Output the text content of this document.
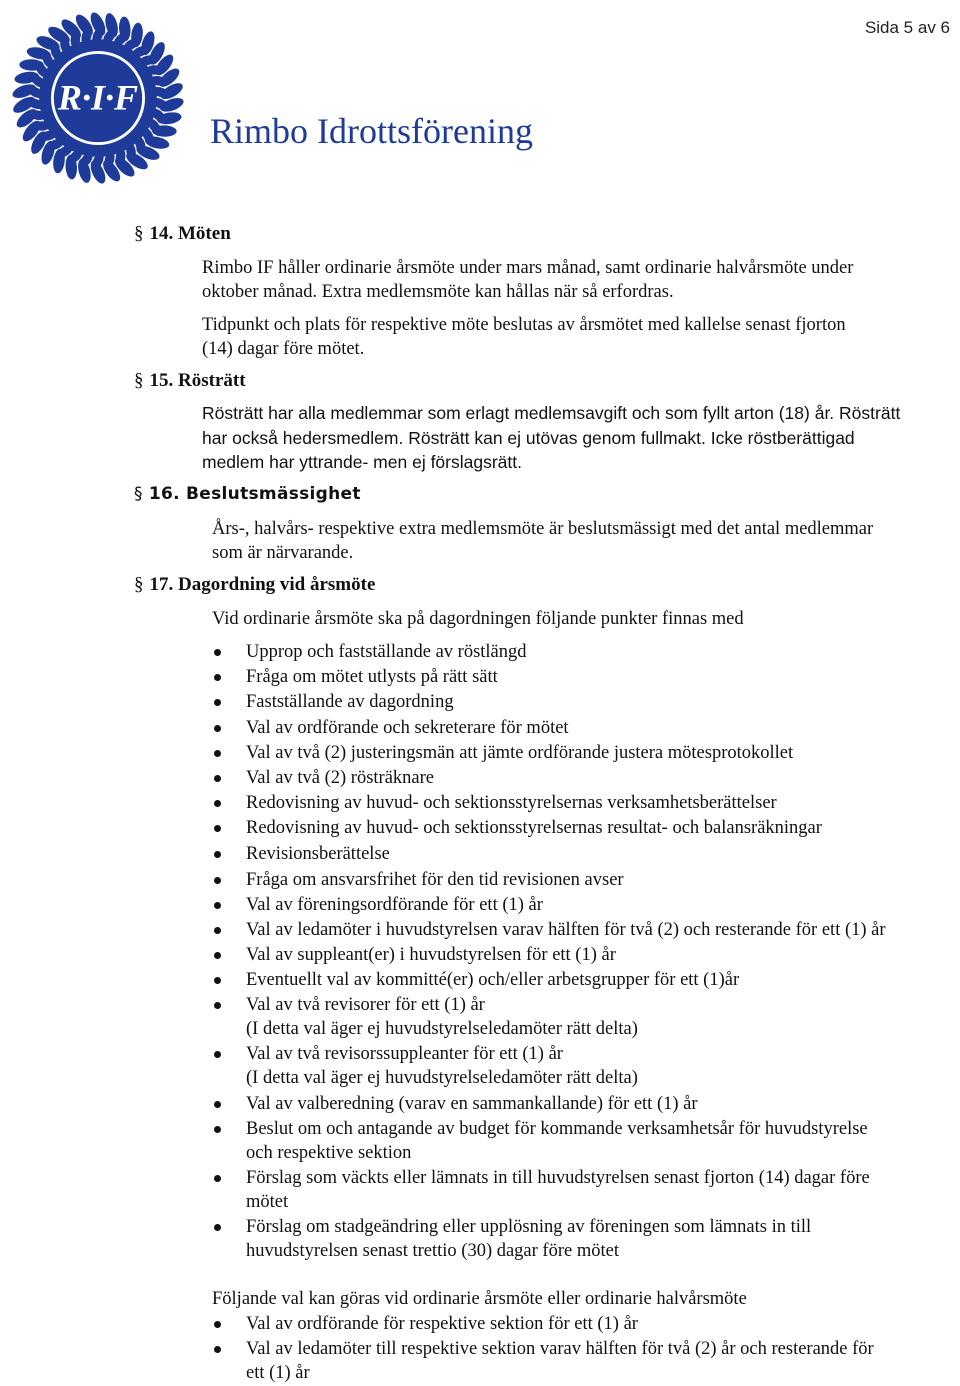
Sida 5 av 6
R·I·F
Rimbo Idrottsförening
§ 14. Möten
Rimbo IF håller ordinarie årsmöte under mars månad, samt ordinarie halvårsmöte under
oktober månad. Extra medlemsmöte kan hållas när så erfordras.
Tidpunkt och plats för respektive möte beslutas av årsmötet med kallelse senast fjorton
(14) dagar före mötet.
§ 15. Rösträtt
Rösträtt har alla medlemmar som erlagt medlemsavgift och som fyllt arton (18) år. Rösträtt
har också hedersmedlem. Rösträtt kan ej utövas genom fullmakt. Icke röstberättigad
medlem har yttrande- men ej förslagsrätt.
§ 16. Beslutsmässighet
Års-, halvårs- respektive extra medlemsmöte är beslutsmässigt med det antal medlemmar
som är närvarande.
§ 17. Dagordning vid årsmöte
Vid ordinarie årsmöte ska på dagordningen följande punkter finnas med
Upprop och fastställande av röstlängd
Fråga om mötet utlysts på rätt sätt
Fastställande av dagordning
Val av ordförande och sekreterare för mötet
Val av två (2) justeringsmän att jämte ordförande justera mötesprotokollet
Val av två (2) rösträknare
Redovisning av huvud- och sektionsstyrelsernas verksamhetsberättelser
Redovisning av huvud- och sektionsstyrelsernas resultat- och balansräkningar
Revisionsberättelse
Fråga om ansvarsfrihet för den tid revisionen avser
Val av föreningsordförande för ett (1) år
Val av ledamöter i huvudstyrelsen varav hälften för två (2) och resterande för ett (1) år
Val av suppleant(er) i huvudstyrelsen för ett (1) år
Eventuellt val av kommitté(er) och/eller arbetsgrupper för ett (1)år
Val av två revisorer för ett (1) år
(I detta val äger ej huvudstyrelseledamöter rätt delta)
Val av två revisorssuppleanter för ett (1) år
(I detta val äger ej huvudstyrelseledamöter rätt delta)
Val av valberedning (varav en sammankallande) för ett (1) år
Beslut om och antagande av budget för kommande verksamhetsår för huvudstyrelse
och respektive sektion
Förslag som väckts eller lämnats in till huvudstyrelsen senast fjorton (14) dagar före
mötet
Förslag om stadgeändring eller upplösning av föreningen som lämnats in till
huvudstyrelsen senast trettio (30) dagar före mötet
Följande val kan göras vid ordinarie årsmöte eller ordinarie halvårsmöte
Val av ordförande för respektive sektion för ett (1) år
Val av ledamöter till respektive sektion varav hälften för två (2) år och resterande för
ett (1) år
